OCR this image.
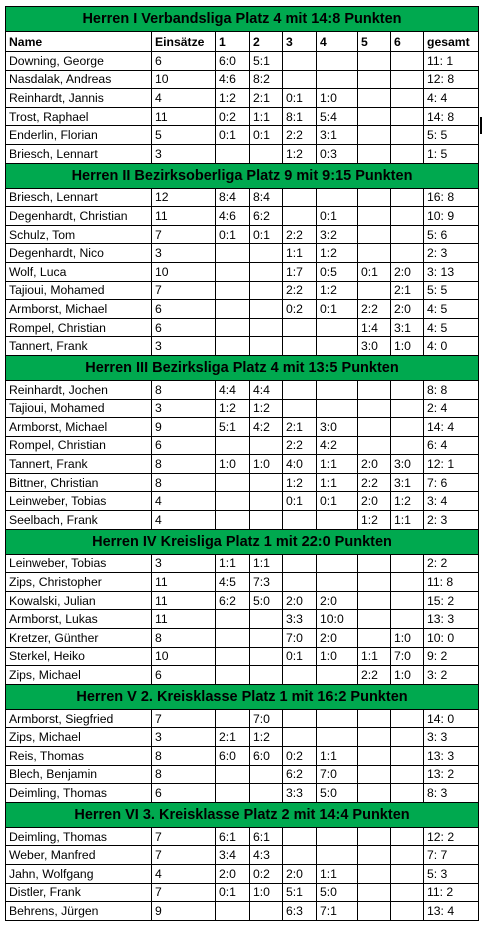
Herren I Verbandsliga Platz 4 mit 14:8 Punkten								
Name	Einsätze	1	2	3	4	5	6	gesamt
Downing, George	6	6:0	5:1					11: 1
Nasdalak, Andreas	10	4:6	8:2					12: 8
Reinhardt, Jannis	4	1:2	2:1	0:1	1:0			4: 4
Trost, Raphael	11	0:2	1:1	8:1	5:4			14: 8
Enderlin, Florian	5	0:1	0:1	2:2	3:1			5: 5
Briesch, Lennart	3			1:2	0:3			1: 5
Herren II Bezirksoberliga Platz 9 mit 9:15 Punkten								
Briesch, Lennart	12	8:4	8:4					16: 8
Degenhardt, Christian	11	4:6	6:2		0:1			10: 9
Schulz, Tom	7	0:1	0:1	2:2	3:2			5: 6
Degenhardt, Nico	3			1:1	1:2			2: 3
Wolf, Luca	10			1:7	0:5	0:1	2:0	3: 13
Tajioui, Mohamed	7			2:2	1:2		2:1	5: 5
Armborst, Michael	6			0:2	0:1	2:2	2:0	4: 5
Rompel, Christian	6					1:4	3:1	4: 5
Tannert, Frank	3					3:0	1:0	4: 0
Herren III Bezirksliga Platz 4 mit 13:5 Punkten								
Reinhardt, Jochen	8	4:4	4:4					8: 8
Tajioui, Mohamed	3	1:2	1:2					2: 4
Armborst, Michael	9	5:1	4:2	2:1	3:0			14: 4
Rompel, Christian	6			2:2	4:2			6: 4
Tannert, Frank	8	1:0	1:0	4:0	1:1	2:0	3:0	12: 1
Bittner, Christian	8			1:2	1:1	2:2	3:1	7: 6
Leinweber, Tobias	4			0:1	0:1	2:0	1:2	3: 4
Seelbach, Frank	4					1:2	1:1	2: 3
Herren IV Kreisliga Platz 1 mit 22:0 Punkten								
Leinweber, Tobias	3	1:1	1:1					2: 2
Zips, Christopher	11	4:5	7:3					11: 8
Kowalski, Julian	11	6:2	5:0	2:0	2:0			15: 2
Armborst, Lukas	11			3:3	10:0			13: 3
Kretzer, Günther	8			7:0	2:0		1:0	10: 0
Sterkel, Heiko	10			0:1	1:0	1:1	7:0	9: 2
Zips, Michael	6					2:2	1:0	3: 2
Herren V 2. Kreisklasse Platz 1 mit 16:2 Punkten								
Armborst, Siegfried	7		7:0					14: 0
Zips, Michael	3	2:1	1:2					3: 3
Reis, Thomas	8	6:0	6:0	0:2	1:1			13: 3
Blech, Benjamin	8			6:2	7:0			13: 2
Deimling, Thomas	6			3:3	5:0			8: 3
Herren VI 3. Kreisklasse Platz 2 mit 14:4 Punkten								
Deimling, Thomas	7	6:1	6:1					12: 2
Weber, Manfred	7	3:4	4:3					7: 7
Jahn, Wolfgang	4	2:0	0:2	2:0	1:1			5: 3
Distler, Frank	7	0:1	1:0	5:1	5:0			11: 2
Behrens, Jürgen	9			6:3	7:1			13: 4
